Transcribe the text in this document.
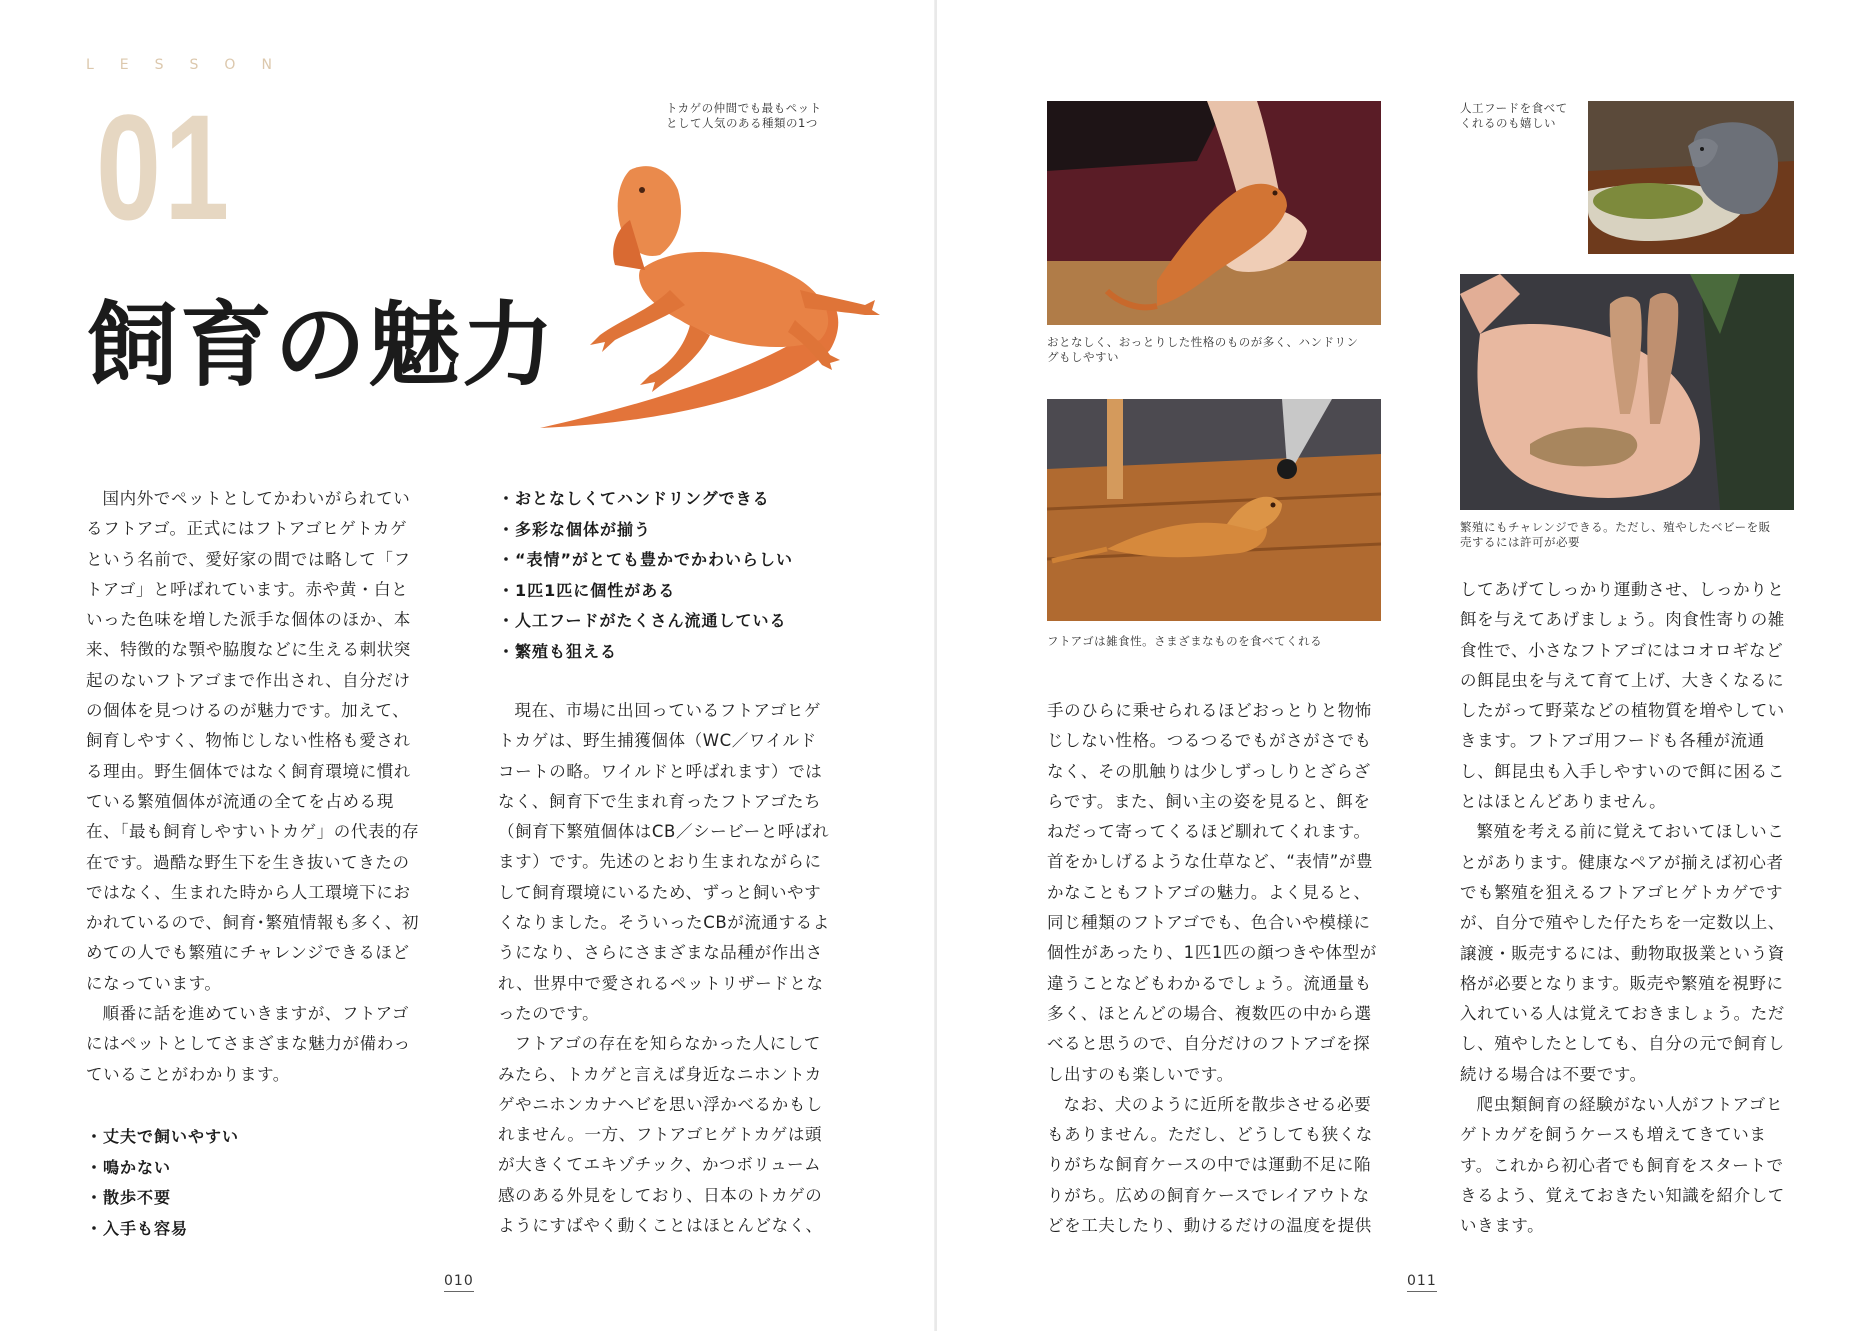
LESSON
01
飼育の魅力
トカゲの仲間でも最もペット
として人気のある種類の1つ

国内外でペットとしてかわいがられているフトアゴ。正式にはフトアゴヒゲトカゲという名前で、愛好家の間では略して「フトアゴ」と呼ばれています。赤や黄・白といった色味を増した派手な個体のほか、本来、特徴的な顎や脇腹などに生える刺状突起のないフトアゴまで作出され、自分だけの個体を見つけるのが魅力です。加えて、飼育しやすく、物怖じしない性格も愛される理由。野生個体ではなく飼育環境に慣れている繁殖個体が流通の全てを占める現在、「最も飼育しやすいトカゲ」の代表的存在です。過酷な野生下を生き抜いてきたのではなく、生まれた時から人工環境下におかれているので、飼育･繁殖情報も多く、初めての人でも繁殖にチャレンジできるほどになっています。

順番に話を進めていきますが、フトアゴにはペットとしてさまざまな魅力が備わっていることがわかります。

・丈夫で飼いやすい
・鳴かない
・散歩不要
・入手も容易
・おとなしくてハンドリングできる
・多彩な個体が揃う
・“表情”がとても豊かでかわいらしい
・1匹1匹に個性がある
・人工フードがたくさん流通している
・繁殖も狙える

現在、市場に出回っているフトアゴヒゲトカゲは、野生捕獲個体（WC／ワイルドコートの略。ワイルドと呼ばれます）ではなく、飼育下で生まれ育ったフトアゴたち（飼育下繁殖個体はCB／シービーと呼ばれます）です。先述のとおり生まれながらにして飼育環境にいるため、ずっと飼いやすくなりました。そういったCBが流通するようになり、さらにさまざまな品種が作出され、世界中で愛されるペットリザードとなったのです。

フトアゴの存在を知らなかった人にしてみたら、トカゲと言えば身近なニホントカゲやニホンカナヘビを思い浮かべるかもしれません。一方、フトアゴヒゲトカゲは頭が大きくてエキゾチック、かつボリューム感のある外見をしており、日本のトカゲのようにすばやく動くことはほとんどなく、

010
おとなしく、おっとりした性格のものが多く、ハンドリン
グもしやすい
フトアゴは雑食性。さまざまなものを食べてくれる
人工フードを食べて
くれるのも嬉しい
繁殖にもチャレンジできる。ただし、殖やしたベビーを販
売するには許可が必要

手のひらに乗せられるほどおっとりと物怖じしない性格。つるつるでもがさがさでもなく、その肌触りは少しずっしりとざらざらです。また、飼い主の姿を見ると、餌をねだって寄ってくるほど馴れてくれます。首をかしげるような仕草など、“表情”が豊かなこともフトアゴの魅力。よく見ると、同じ種類のフトアゴでも、色合いや模様に個性があったり、1匹1匹の顔つきや体型が違うことなどもわかるでしょう。流通量も多く、ほとんどの場合、複数匹の中から選べると思うので、自分だけのフトアゴを探し出すのも楽しいです。

なお、犬のように近所を散歩させる必要もありません。ただし、どうしても狭くなりがちな飼育ケースの中では運動不足に陥りがち。広めの飼育ケースでレイアウトなどを工夫したり、動けるだけの温度を提供

してあげてしっかり運動させ、しっかりと餌を与えてあげましょう。肉食性寄りの雑食性で、小さなフトアゴにはコオロギなどの餌昆虫を与えて育て上げ、大きくなるにしたがって野菜などの植物質を増やしていきます。フトアゴ用フードも各種が流通し、餌昆虫も入手しやすいので餌に困ることはほとんどありません。

繁殖を考える前に覚えておいてほしいことがあります。健康なペアが揃えば初心者でも繁殖を狙えるフトアゴヒゲトカゲですが、自分で殖やした仔たちを一定数以上、譲渡・販売するには、動物取扱業という資格が必要となります。販売や繁殖を視野に入れている人は覚えておきましょう。ただし、殖やしたとしても、自分の元で飼育し続ける場合は不要です。

爬虫類飼育の経験がない人がフトアゴヒゲトカゲを飼うケースも増えてきています。これから初心者でも飼育をスタートできるよう、覚えておきたい知識を紹介していきます。

011
